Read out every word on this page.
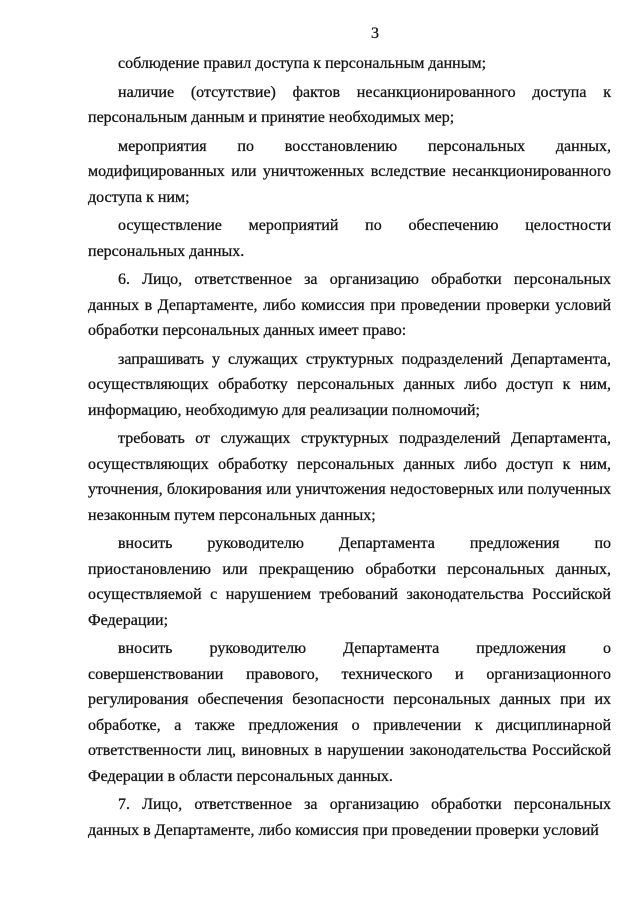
3

соблюдение правил доступа к персональным данным;

наличие (отсутствие) фактов несанкционированного доступа к персональным данным и принятие необходимых мер;

мероприятия по восстановлению персональных данных, модифицированных или уничтоженных вследствие несанкционированного доступа к ним;

осуществление мероприятий по обеспечению целостности персональных данных.

6. Лицо, ответственное за организацию обработки персональных данных в Департаменте, либо комиссия при проведении проверки условий обработки персональных данных имеет право:

запрашивать у служащих структурных подразделений Департамента, осуществляющих обработку персональных данных либо доступ к ним, информацию, необходимую для реализации полномочий;

требовать от служащих структурных подразделений Департамента, осуществляющих обработку персональных данных либо доступ к ним, уточнения, блокирования или уничтожения недостоверных или полученных незаконным путем персональных данных;

вносить руководителю Департамента предложения по приостановлению или прекращению обработки персональных данных, осуществляемой с нарушением требований законодательства Российской Федерации;

вносить руководителю Департамента предложения о совершенствовании правового, технического и организационного регулирования обеспечения безопасности персональных данных при их обработке, а также предложения о привлечении к дисциплинарной ответственности лиц, виновных в нарушении законодательства Российской Федерации в области персональных данных.

7. Лицо, ответственное за организацию обработки персональных данных в Департаменте, либо комиссия при проведении проверки условий
